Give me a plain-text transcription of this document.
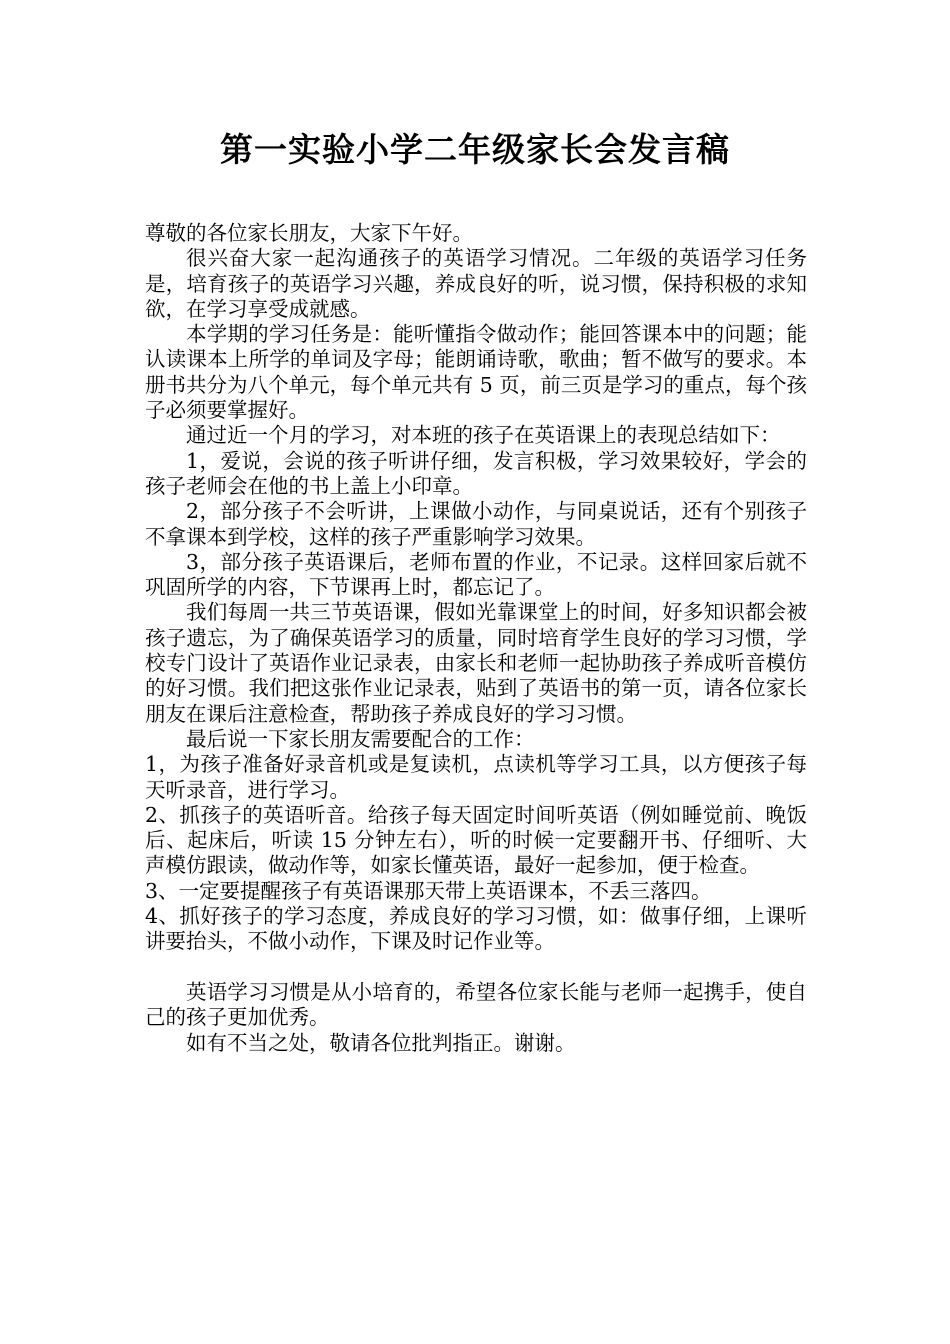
第一实验小学二年级家长会发言稿

尊敬的各位家长朋友，大家下午好。

很兴奋大家一起沟通孩子的英语学习情况。二年级的英语学习任务是，培育孩子的英语学习兴趣，养成良好的听，说习惯，保持积极的求知欲，在学习享受成就感。

本学期的学习任务是：能听懂指令做动作；能回答课本中的问题；能认读课本上所学的单词及字母；能朗诵诗歌，歌曲；暂不做写的要求。本册书共分为八个单元，每个单元共有 5 页，前三页是学习的重点，每个孩子必须要掌握好。

通过近一个月的学习，对本班的孩子在英语课上的表现总结如下：

1，爱说，会说的孩子听讲仔细，发言积极，学习效果较好，学会的孩子老师会在他的书上盖上小印章。

2，部分孩子不会听讲，上课做小动作，与同桌说话，还有个别孩子不拿课本到学校，这样的孩子严重影响学习效果。

3，部分孩子英语课后，老师布置的作业，不记录。这样回家后就不巩固所学的内容，下节课再上时，都忘记了。

我们每周一共三节英语课，假如光靠课堂上的时间，好多知识都会被孩子遗忘，为了确保英语学习的质量，同时培育学生良好的学习习惯，学校专门设计了英语作业记录表，由家长和老师一起协助孩子养成听音模仿的好习惯。我们把这张作业记录表，贴到了英语书的第一页，请各位家长朋友在课后注意检查，帮助孩子养成良好的学习习惯。

最后说一下家长朋友需要配合的工作：

1，为孩子准备好录音机或是复读机，点读机等学习工具，以方便孩子每天听录音，进行学习。

2、抓孩子的英语听音。给孩子每天固定时间听英语（例如睡觉前、晚饭后、起床后，听读 15 分钟左右），听的时候一定要翻开书、仔细听、大声模仿跟读，做动作等，如家长懂英语，最好一起参加，便于检查。

3、一定要提醒孩子有英语课那天带上英语课本，不丢三落四。

4、抓好孩子的学习态度，养成良好的学习习惯，如：做事仔细，上课听讲要抬头，不做小动作，下课及时记作业等。

英语学习习惯是从小培育的，希望各位家长能与老师一起携手，使自己的孩子更加优秀。

如有不当之处，敬请各位批判指正。谢谢。
